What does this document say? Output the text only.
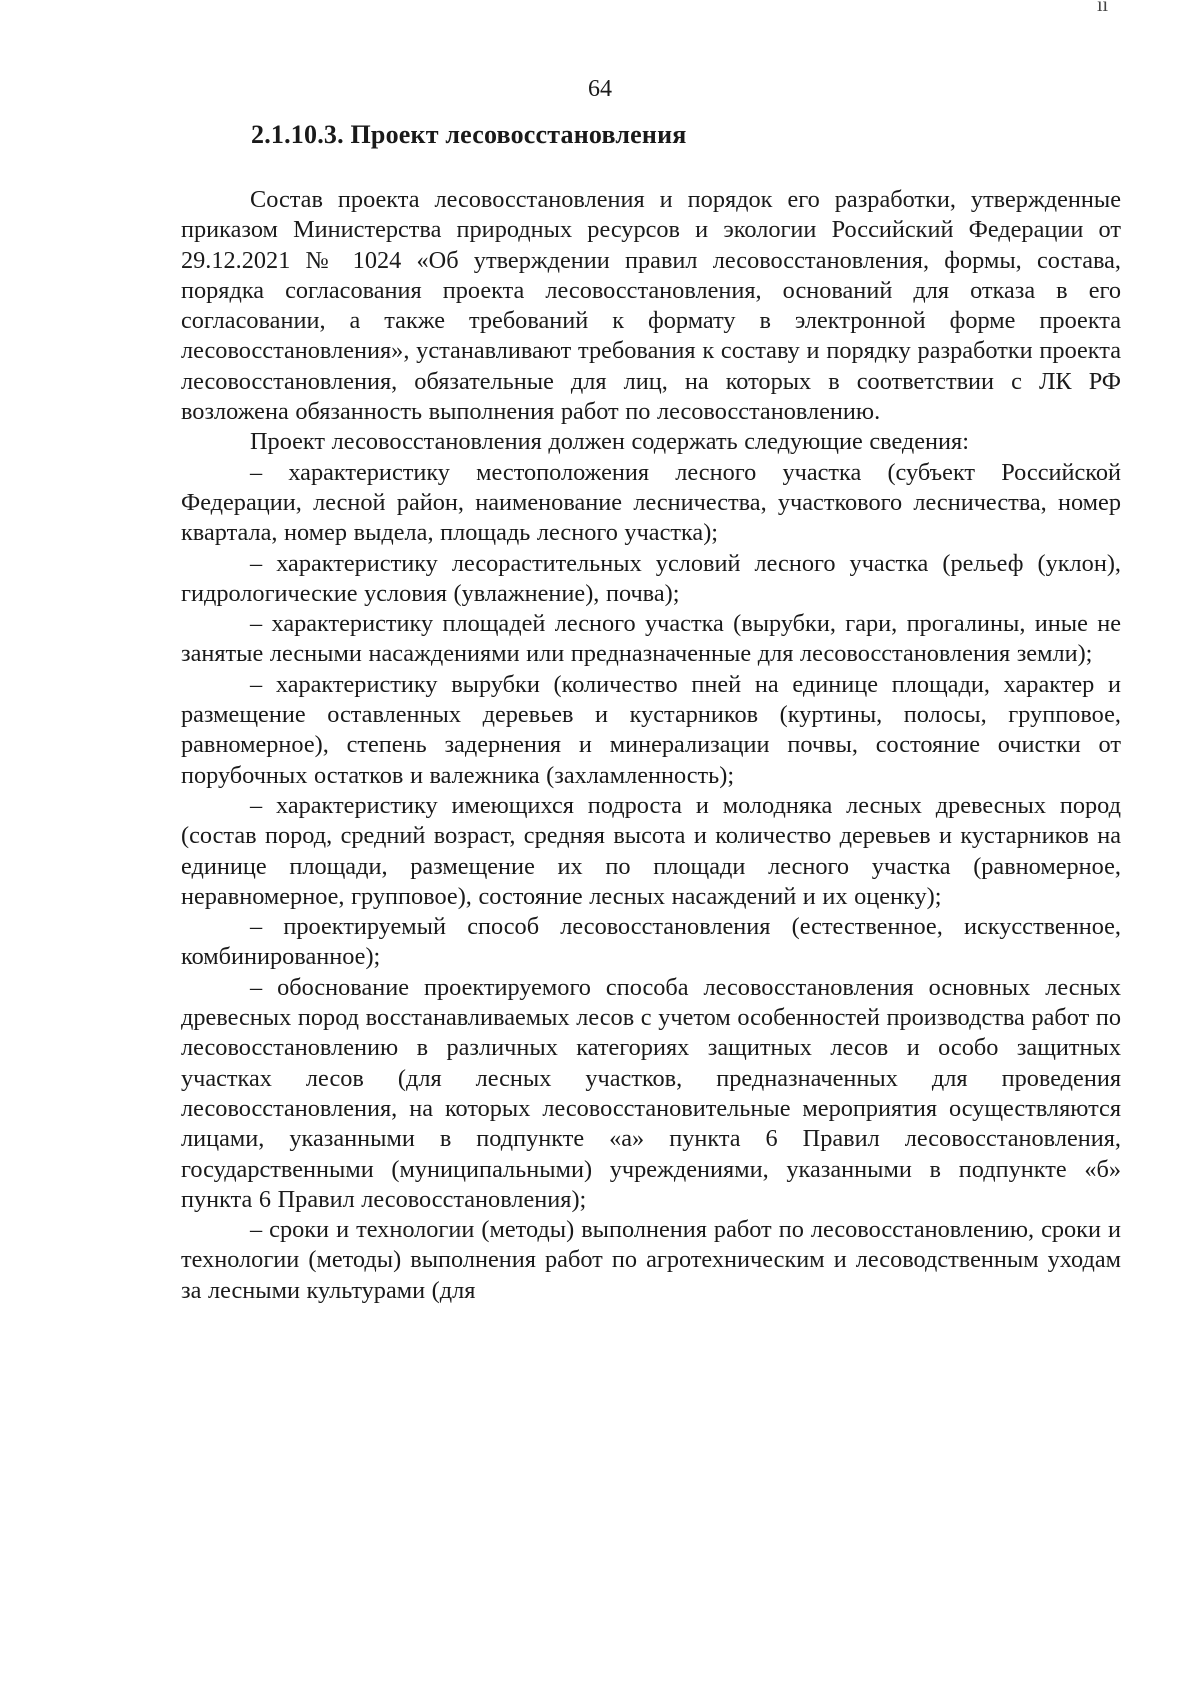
ıı
64
2.1.10.3. Проект лесовосстановления

Состав проекта лесовосстановления и порядок его разработки, утвержденные приказом Министерства природных ресурсов и экологии Российский Федерации от 29.12.2021 № 1024 «Об утверждении правил лесовосстановления, формы, состава, порядка согласования проекта лесовосстановления, оснований для отказа в его согласовании, а также требований к формату в электронной форме проекта лесовосстановления», устанавливают требования к составу и порядку разработки проекта лесовосстановления, обязательные для лиц, на которых в соответствии с ЛК РФ возложена обязанность выполнения работ по лесовосстановлению.

Проект лесовосстановления должен содержать следующие сведения:

– характеристику местоположения лесного участка (субъект Российской Федерации, лесной район, наименование лесничества, участкового лесничества, номер квартала, номер выдела, площадь лесного участка);

– характеристику лесорастительных условий лесного участка (рельеф (уклон), гидрологические условия (увлажнение), почва);

– характеристику площадей лесного участка (вырубки, гари, прогалины, иные не занятые лесными насаждениями или предназначенные для лесовосстановления земли);

– характеристику вырубки (количество пней на единице площади, характер и размещение оставленных деревьев и кустарников (куртины, полосы, групповое, равномерное), степень задернения и минерализации почвы, состояние очистки от порубочных остатков и валежника (захламленность);

– характеристику имеющихся подроста и молодняка лесных древесных пород (состав пород, средний возраст, средняя высота и количество деревьев и кустарников на единице площади, размещение их по площади лесного участка (равномерное, неравномерное, групповое), состояние лесных насаждений и их оценку);

– проектируемый способ лесовосстановления (естественное, искусственное, комбинированное);

– обоснование проектируемого способа лесовосстановления основных лесных древесных пород восстанавливаемых лесов с учетом особенностей производства работ по лесовосстановлению в различных категориях защитных лесов и особо защитных участках лесов (для лесных участков, предназначенных для проведения лесовосстановления, на которых лесовосстановительные мероприятия осуществляются лицами, указанными в подпункте «а» пункта 6 Правил лесовосстановления, государственными (муниципальными) учреждениями, указанными в подпункте «б» пункта 6 Правил лесовосстановления);

– сроки и технологии (методы) выполнения работ по лесовосстановлению, сроки и технологии (методы) выполнения работ по агротехническим и лесоводственным уходам за лесными культурами (для
